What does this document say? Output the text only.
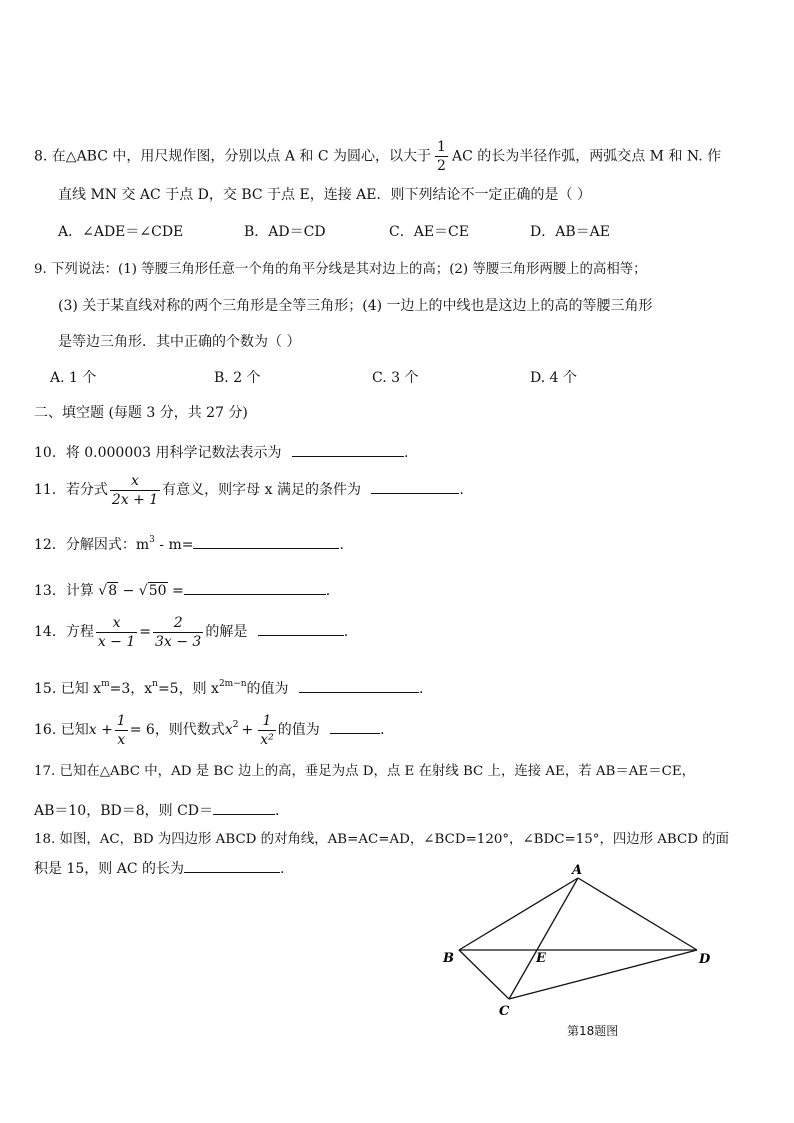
8. 在△ABC 中，用尺规作图，分别以点 A 和 C 为圆心，以大于 $\frac{1}{2}$ AC 的长为半径作弧，两弧交点 M 和 N. 作
直线 MN 交 AC 于点 D，交 BC 于点 E，连接 AE．则下列结论不一定正确的是（ ）
A．∠ADE＝∠CDE	B．AD＝CD	C．AE＝CE	D．AB＝AE
9. 下列说法：(1) 等腰三角形任意一个角的角平分线是其对边上的高；(2) 等腰三角形两腰上的高相等；
(3) 关于某直线对称的两个三角形是全等三角形；(4) 一边上的中线也是这边上的高的等腰三角形
是等边三角形．其中正确的个数为（ ）
A. 1 个	B. 2 个	C. 3 个	D. 4 个
二、填空题 (每题 3 分，共 27 分)
10．将 0.000003 用科学记数法表示为	.
11．若分式 $\frac{x}{2x + 1}$ 有意义，则字母 x 满足的条件为	.
12．分解因式：$m^3 - m=$	.
13．计算 √8 − √50 =	.
14．方程 $\frac{x}{x - 1} = \frac{2}{3x - 3}$ 的解是	.
15. 已知 $x^m=3$，$x^n=5$，则 $x^{2m-n}$的值为	.
16. 已知$x + \frac{1}{x} = 6$，则代数式$x^2 + \frac{1}{\text{x²}}$ 的值为	.
17. 已知在△ABC 中，AD 是 BC 边上的高，垂足为点 D，点 E 在射线 BC 上，连接 AE，若 AB＝AE＝CE，
AB＝10，BD＝8，则 CD＝	.
18. 如图，AC，BD 为四边形 ABCD 的对角线，AB=AC=AD，∠BCD=120°，∠BDC=15°，四边形 ABCD 的面
积是 15，则 AC 的长为	.	A
B
C
D
E
第18题图
